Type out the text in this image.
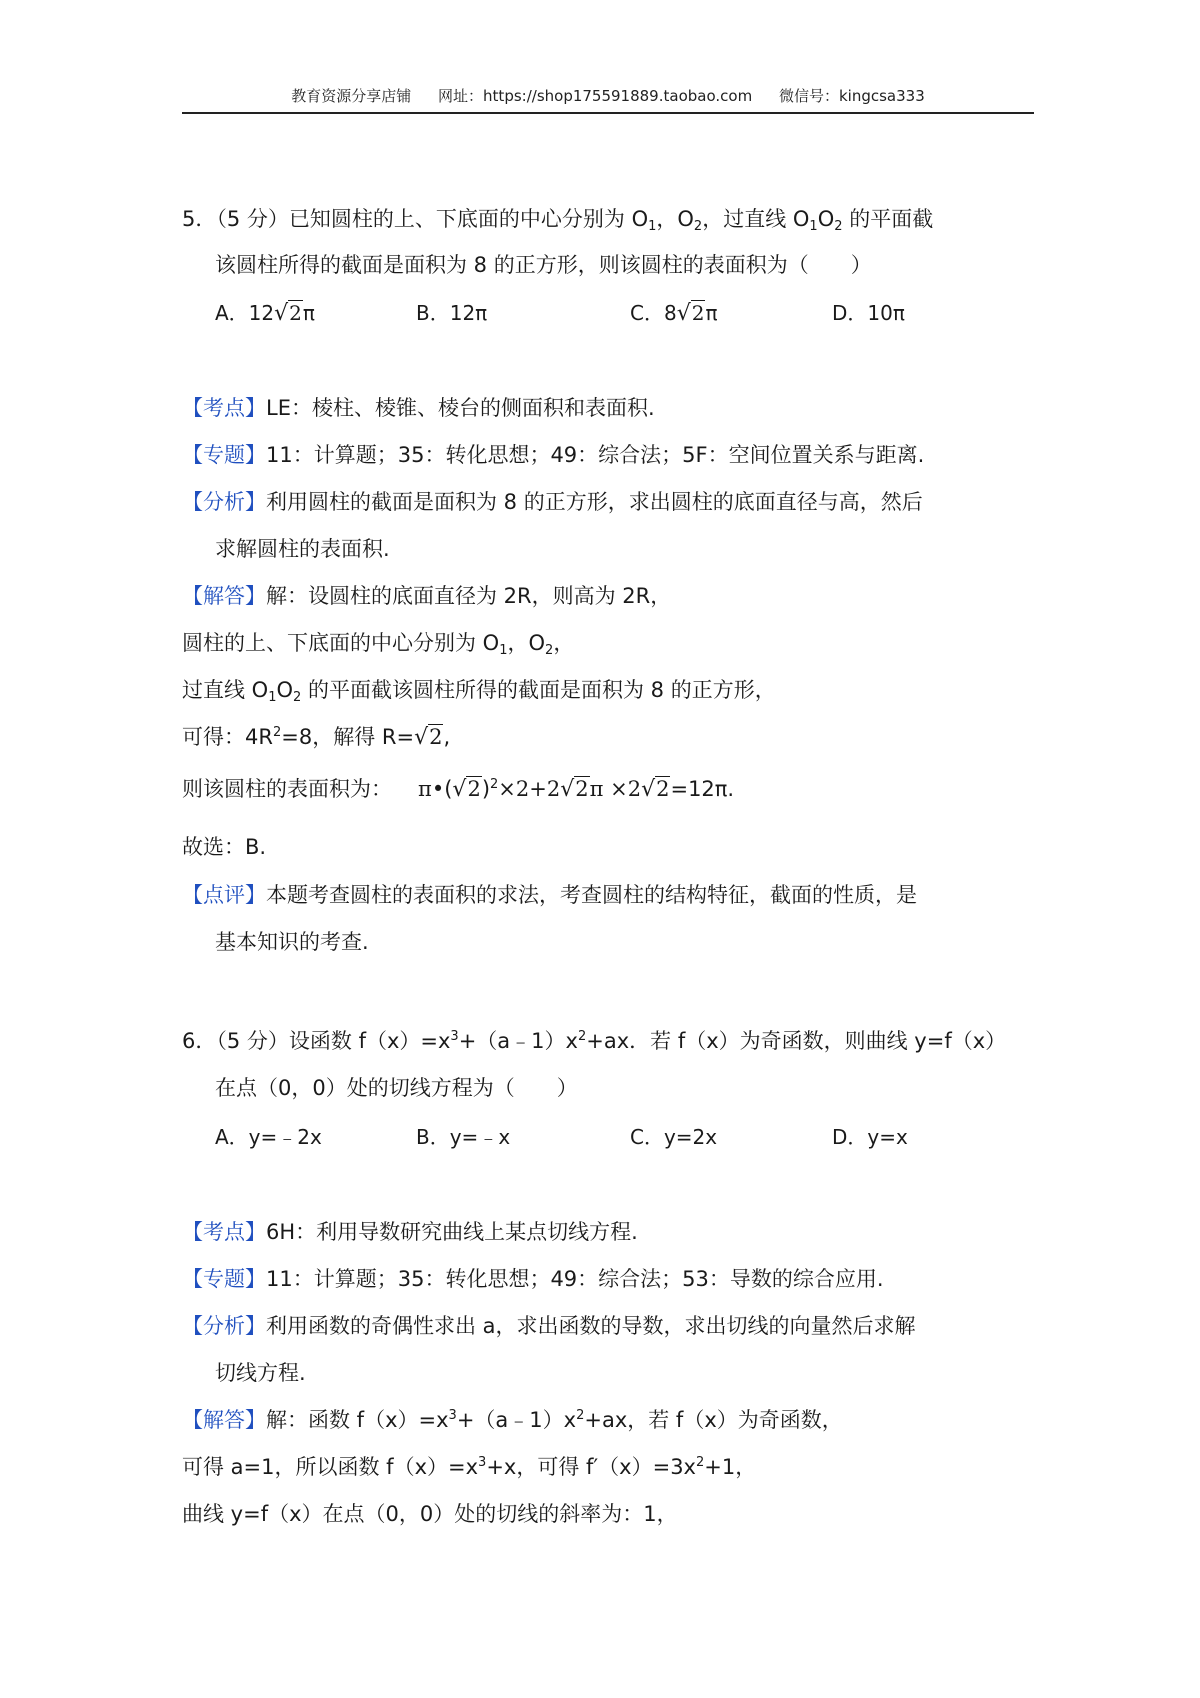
教育资源分享店铺 网址：https://shop175591889.taobao.com 微信号：kingcsa333
5．（5 分）已知圆柱的上、下底面的中心分别为 $O_1$，$O_2$，过直线 $O_1O_2$ 的平面截
该圆柱所得的截面是面积为 8 的正方形，则该圆柱的表面积为（　　）
A．12√2π	B．12π	C．8√2π	D．10π
【考点】LE：棱柱、棱锥、棱台的侧面积和表面积.
【专题】11：计算题；35：转化思想；49：综合法；5F：空间位置关系与距离.
【分析】利用圆柱的截面是面积为 8 的正方形，求出圆柱的底面直径与高，然后
求解圆柱的表面积.
【解答】解：设圆柱的底面直径为 2R，则高为 2R，
圆柱的上、下底面的中心分别为 $O_1$，$O_2$，
过直线 $O_1O_2$ 的平面截该圆柱所得的截面是面积为 8 的正方形，
可得：$4R^2=8$，解得 R=√2,
则该圆柱的表面积为： $\pi•(√2)^2\times 2+2√2\pi \times 2√2=12\pi$.
故选：B.
【点评】本题考查圆柱的表面积的求法，考查圆柱的结构特征，截面的性质，是
基本知识的考查.
6．（5 分）设函数 $f(x)=x^3+(a﹣1)x^2+ax$．若 f（x）为奇函数，则曲线 y=f（x）
在点（0，0）处的切线方程为（　　）
A．y=﹣2x	B．y=﹣x	C．y=2x	D．y=x
【考点】6H：利用导数研究曲线上某点切线方程.
【专题】11：计算题；35：转化思想；49：综合法；53：导数的综合应用.
【分析】利用函数的奇偶性求出 a，求出函数的导数，求出切线的向量然后求解
切线方程.
【解答】解：函数 $f(x)=x^3+(a﹣1)x^2+ax$，若 f（x）为奇函数，
可得 a=1，所以函数 $f(x)=x^3+x$，可得 $f'(x)=3x^2+1$，
曲线 y=f（x）在点（0，0）处的切线的斜率为：1，
